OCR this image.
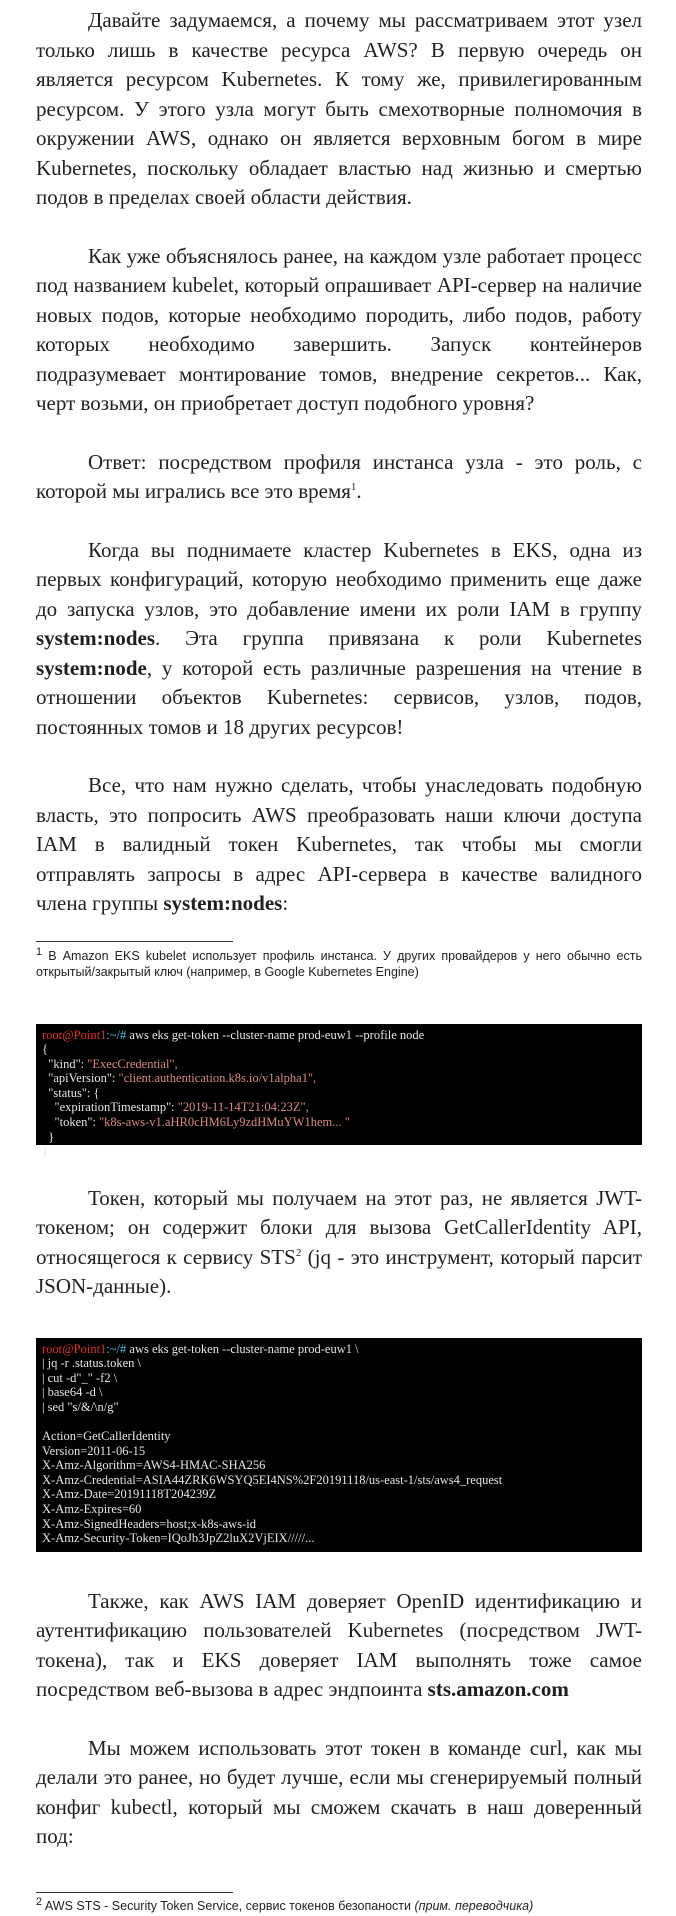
Давайте задумаемся, а почему мы рассматриваем этот узел только лишь в качестве ресурса AWS? В первую очередь он является ресурсом Kubernetes. К тому же, привилегированным ресурсом. У этого узла могут быть смехотворные полномочия в окружении AWS, однако он является верховным богом в мире Kubernetes, поскольку обладает властью над жизнью и смертью подов в пределах своей области действия.

Как уже объяснялось ранее, на каждом узле работает процесс под названием kubelet, который опрашивает API-сервер на наличие новых подов, которые необходимо породить, либо подов, работу которых необходимо завершить. Запуск контейнеров подразумевает монтирование томов, внедрение секретов... Как, черт возьми, он приобретает доступ подобного уровня?

Ответ: посредством профиля инстанса узла - это роль, с которой мы игрались все это время$^1$.

Когда вы поднимаете кластер Kubernetes в EKS, одна из первых конфигураций, которую необходимо применить еще даже до запуска узлов, это добавление имени их роли IAM в группу system:nodes. Эта группа привязана к роли Kubernetes system:node, у которой есть различные разрешения на чтение в отношении объектов Kubernetes: сервисов, узлов, подов, постоянных томов и 18 других ресурсов!

Все, что нам нужно сделать, чтобы унаследовать подобную власть, это попросить AWS преобразовать наши ключи доступа IAM в валидный токен Kubernetes, так чтобы мы смогли отправлять запросы в адрес API-сервера в качестве валидного члена группы system:nodes:

$^1$ В Amazon EKS kubelet использует профиль инстанса. У других провайдеров у него обычно есть открытый/закрытый ключ (например, в Google Kubernetes Engine)

root@Point1:~/# aws eks get-token --cluster-name prod-euw1 --profile node
{
"kind": "ExecCredential",
"apiVersion": "client.authentication.k8s.io/v1alpha1",
"status": {
"expirationTimestamp": "2019-11-14T21:04:23Z",
"token": "k8s-aws-v1.aHR0cHM6Ly9zdHMuYW1hem... "
}
}

Токен, который мы получаем на этот раз, не является JWT-токеном; он содержит блоки для вызова GetCallerIdentity API, относящегося к сервису STS$^2$ (jq - это инструмент, который парсит JSON-данные).

root@Point1:~/# aws eks get-token --cluster-name prod-euw1 \
| jq -r .status.token \
| cut -d"_" -f2 \
| base64 -d \
| sed "s/&/\n/g"
Action=GetCallerIdentity
Version=2011-06-15
X-Amz-Algorithm=AWS4-HMAC-SHA256
X-Amz-Credential=ASIA44ZRK6WSYQ5EI4NS%2F20191118/us-east-1/sts/aws4_request
X-Amz-Date=20191118T204239Z
X-Amz-Expires=60
X-Amz-SignedHeaders=host;x-k8s-aws-id
X-Amz-Security-Token=IQoJb3JpZ2luX2VjEIX/////...

Также, как AWS IAM доверяет OpenID идентификацию и аутентификацию пользователей Kubernetes (посредством JWT-токена), так и EKS доверяет IAM выполнять тоже самое посредством веб-вызова в адрес эндпоинта sts.amazon.com

Мы можем использовать этот токен в команде curl, как мы делали это ранее, но будет лучше, если мы сгенерируемый полный конфиг kubectl, который мы сможем скачать в наш доверенный под:

$^2$ AWS STS - Security Token Service, сервис токенов безопаности (прим. переводчика)
